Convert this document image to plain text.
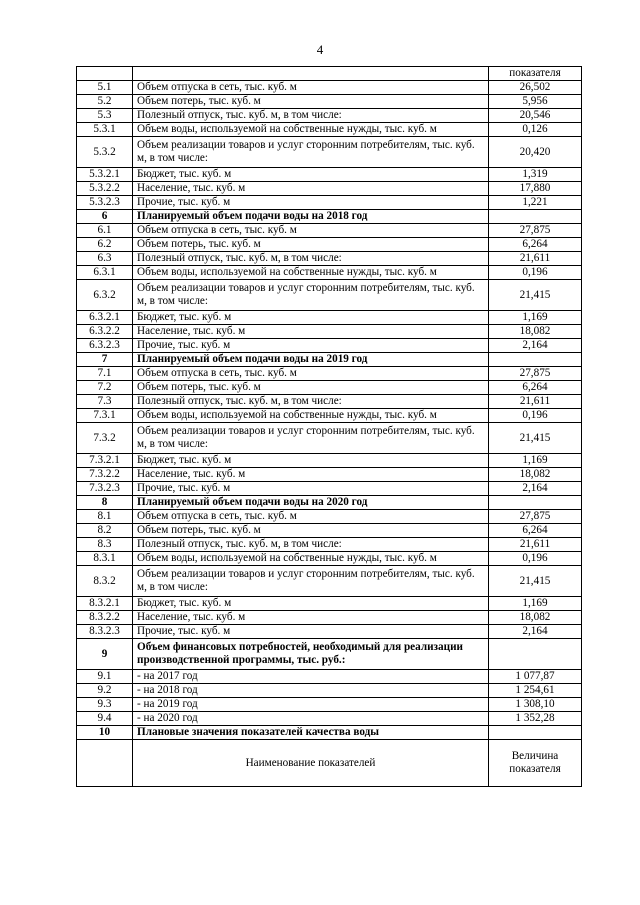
4
		показателя
5.1	Объем отпуска в сеть, тыс. куб. м	26,502
5.2	Объем потерь, тыс. куб. м	5,956
5.3	Полезный отпуск, тыс. куб. м, в том числе:	20,546
5.3.1	Объем воды, используемой на собственные нужды, тыс. куб. м	0,126
5.3.2	Объем реализации товаров и услуг сторонним потребителям, тыс. куб. м, в том числе:	20,420
5.3.2.1	Бюджет, тыс. куб. м	1,319
5.3.2.2	Население, тыс. куб. м	17,880
5.3.2.3	Прочие, тыс. куб. м	1,221
6	Планируемый объем подачи воды на 2018 год	
6.1	Объем отпуска в сеть, тыс. куб. м	27,875
6.2	Объем потерь, тыс. куб. м	6,264
6.3	Полезный отпуск, тыс. куб. м, в том числе:	21,611
6.3.1	Объем воды, используемой на собственные нужды, тыс. куб. м	0,196
6.3.2	Объем реализации товаров и услуг сторонним потребителям, тыс. куб. м, в том числе:	21,415
6.3.2.1	Бюджет, тыс. куб. м	1,169
6.3.2.2	Население, тыс. куб. м	18,082
6.3.2.3	Прочие, тыс. куб. м	2,164
7	Планируемый объем подачи воды на 2019 год	
7.1	Объем отпуска в сеть, тыс. куб. м	27,875
7.2	Объем потерь, тыс. куб. м	6,264
7.3	Полезный отпуск, тыс. куб. м, в том числе:	21,611
7.3.1	Объем воды, используемой на собственные нужды, тыс. куб. м	0,196
7.3.2	Объем реализации товаров и услуг сторонним потребителям, тыс. куб. м, в том числе:	21,415
7.3.2.1	Бюджет, тыс. куб. м	1,169
7.3.2.2	Население, тыс. куб. м	18,082
7.3.2.3	Прочие, тыс. куб. м	2,164
8	Планируемый объем подачи воды на 2020 год	
8.1	Объем отпуска в сеть, тыс. куб. м	27,875
8.2	Объем потерь, тыс. куб. м	6,264
8.3	Полезный отпуск, тыс. куб. м, в том числе:	21,611
8.3.1	Объем воды, используемой на собственные нужды, тыс. куб. м	0,196
8.3.2	Объем реализации товаров и услуг сторонним потребителям, тыс. куб. м, в том числе:	21,415
8.3.2.1	Бюджет, тыс. куб. м	1,169
8.3.2.2	Население, тыс. куб. м	18,082
8.3.2.3	Прочие, тыс. куб. м	2,164
9	Объем финансовых потребностей, необходимый для реализации производственной программы, тыс. руб.:	
9.1	- на 2017 год	1 077,87
9.2	- на 2018 год	1 254,61
9.3	- на 2019 год	1 308,10
9.4	- на 2020 год	1 352,28
10	Плановые значения показателей качества воды	
	Наименование показателей	Величина показателя
